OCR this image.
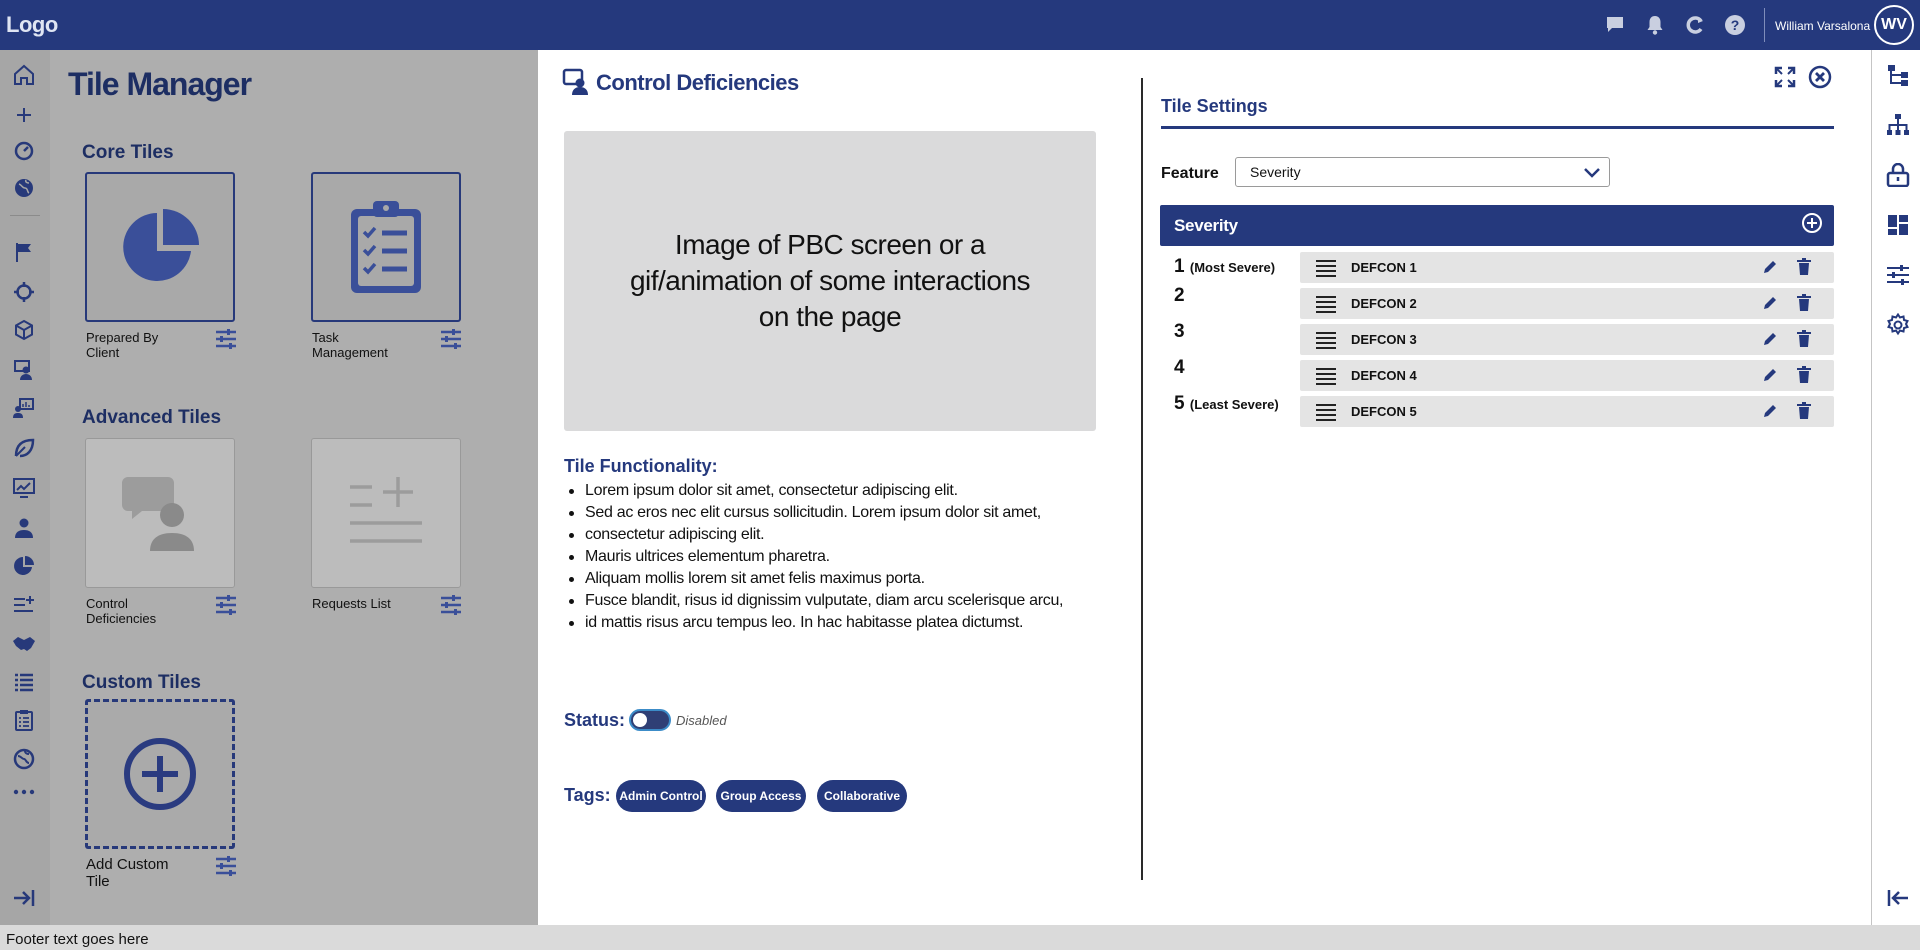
Logo	?	William Varsalona WV
Tile Manager
Core Tiles
Prepared By Client
Task Management
Advanced Tiles
Control Deficiencies
Requests List
Custom Tiles
Add Custom Tile
Control Deficiencies
Image of PBC screen or a gif/animation of some interactions on the page
Tile Functionality:
Lorem ipsum dolor sit amet, consectetur adipiscing elit.
Sed ac eros nec elit cursus sollicitudin. Lorem ipsum dolor sit amet,
consectetur adipiscing elit.
Mauris ultrices elementum pharetra.
Aliquam mollis lorem sit amet felis maximus porta.
Fusce blandit, risus id dignissim vulputate, diam arcu scelerisque arcu,
id mattis risus arcu tempus leo. In hac habitasse platea dictumst.
Status:	Disabled
Tags: Admin Control	Group Access	Collaborative
Tile Settings
Feature	Severity
Severity
1 (Most Severe)	DEFCON 1
2	DEFCON 2
3	DEFCON 3
4	DEFCON 4
5 (Least Severe)	DEFCON 5
Footer text goes here
